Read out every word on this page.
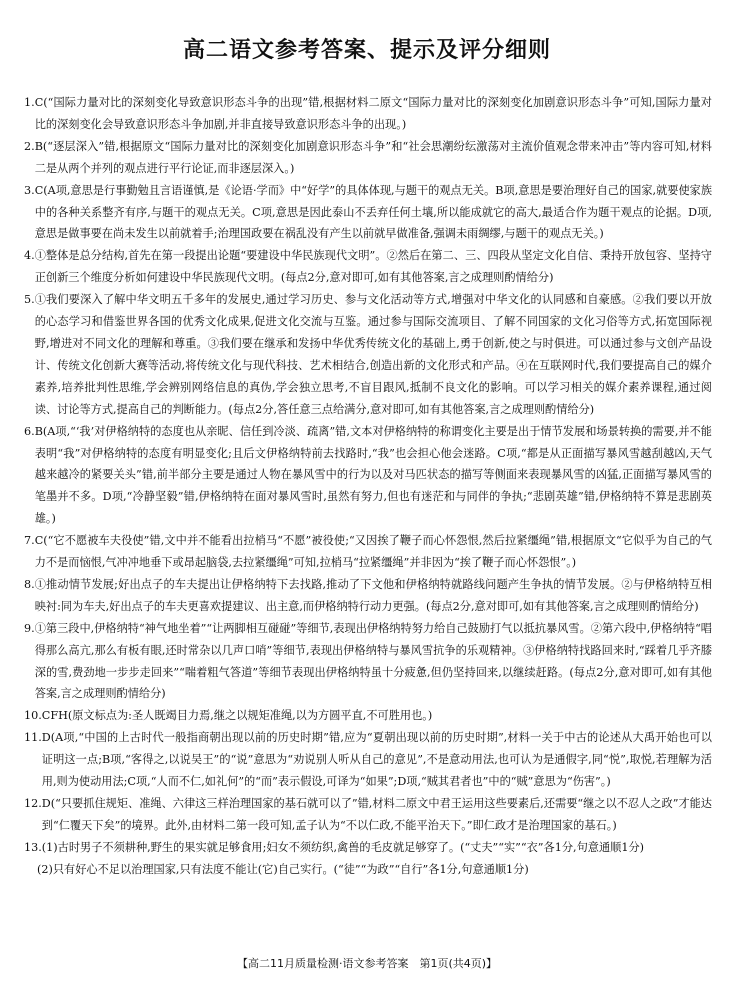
高二语文参考答案、提示及评分细则
1. C(“国际力量对比的深刻变化导致意识形态斗争的出现”错,根据材料二原文“国际力量对比的深刻变化加剧意识形态斗争”可知,国际力量对比的深刻变化会导致意识形态斗争加剧,并非直接导致意识形态斗争的出现。)
2. B(“逐层深入”错,根据原文“国际力量对比的深刻变化加剧意识形态斗争”和“社会思潮纷纭激荡对主流价值观念带来冲击”等内容可知,材料二是从两个并列的观点进行平行论证,而非逐层深入。)
3. C(A项,意思是行事勤勉且言语谨慎,是《论语·学而》中“好学”的具体体现,与题干的观点无关。B项,意思是要治理好自己的国家,就要使家族中的各种关系整齐有序,与题干的观点无关。C项,意思是因此泰山不丢弃任何土壤,所以能成就它的高大,最适合作为题干观点的论据。D项,意思是做事要在尚未发生以前就着手;治理国政要在祸乱没有产生以前就早做准备,强调未雨绸缪,与题干的观点无关。)
4. ①整体是总分结构,首先在第一段提出论题“要建设中华民族现代文明”。②然后在第二、三、四段从坚定文化自信、秉持开放包容、坚持守正创新三个维度分析如何建设中华民族现代文明。(每点2分,意对即可,如有其他答案,言之成理则酌情给分)
5. ①我们要深入了解中华文明五千多年的发展史,通过学习历史、参与文化活动等方式,增强对中华文化的认同感和自豪感。②我们要以开放的心态学习和借鉴世界各国的优秀文化成果,促进文化交流与互鉴。通过参与国际交流项目、了解不同国家的文化习俗等方式,拓宽国际视野,增进对不同文化的理解和尊重。③我们要在继承和发扬中华优秀传统文化的基础上,勇于创新,使之与时俱进。可以通过参与文创产品设计、传统文化创新大赛等活动,将传统文化与现代科技、艺术相结合,创造出新的文化形式和产品。④在互联网时代,我们要提高自己的媒介素养,培养批判性思维,学会辨别网络信息的真伪,学会独立思考,不盲目跟风,抵制不良文化的影响。可以学习相关的媒介素养课程,通过阅读、讨论等方式,提高自己的判断能力。(每点2分,答任意三点给满分,意对即可,如有其他答案,言之成理则酌情给分)
6. B(A项,“‘我’对伊格纳特的态度也从亲昵、信任到冷淡、疏离”错,文本对伊格纳特的称谓变化主要是出于情节发展和场景转换的需要,并不能表明“我”对伊格纳特的态度有明显变化;且后文伊格纳特前去找路时,“我”也会担心他会迷路。C项,“都是从正面描写暴风雪越刮越凶,天气越来越冷的紧要关头”错,前半部分主要是通过人物在暴风雪中的行为以及对马匹状态的描写等侧面来表现暴风雪的凶猛,正面描写暴风雪的笔墨并不多。D项,“冷静坚毅”错,伊格纳特在面对暴风雪时,虽然有努力,但也有迷茫和与同伴的争执;“悲剧英雄”错,伊格纳特不算是悲剧英雄。)
7. C(“它不愿被车夫役使”错,文中并不能看出拉梢马“不愿”被役使;“又因挨了鞭子而心怀怨恨,然后拉紧缰绳”错,根据原文“它似乎为自己的气力不是而恼恨,气冲冲地垂下或昂起脑袋,去拉紧缰绳”可知,拉梢马“拉紧缰绳”并非因为“挨了鞭子而心怀怨恨”。)
8. ①推动情节发展;好出点子的车夫提出让伊格纳特下去找路,推动了下文他和伊格纳特就路线问题产生争执的情节发展。②与伊格纳特互相映衬:同为车夫,好出点子的车夫更喜欢提建议、出主意,而伊格纳特行动力更强。(每点2分,意对即可,如有其他答案,言之成理则酌情给分)
9. ①第三段中,伊格纳特“神气地坐着”“让两脚相互碰碰”等细节,表现出伊格纳特努力给自己鼓励打气以抵抗暴风雪。②第六段中,伊格纳特“唱得那么高亢,那么有板有眼,还时常杂以几声口哨”等细节,表现出伊格纳特与暴风雪抗争的乐观精神。③伊格纳特找路回来时,“踩着几乎齐膝深的雪,费劲地一步步走回来”“喘着粗气答道”等细节表现出伊格纳特虽十分疲惫,但仍坚持回来,以继续赶路。(每点2分,意对即可,如有其他答案,言之成理则酌情给分)
10. CFH(原文标点为:圣人既竭目力焉,继之以规矩准绳,以为方圆平直,不可胜用也。)
11. D(A项,“中国的上古时代一般指商朝出现以前的历史时期”错,应为“夏朝出现以前的历史时期”,材料一关于中古的论述从大禹开始也可以证明这一点;B项,“客得之,以说吴王”的“说”意思为“劝说别人听从自己的意见”,不是意动用法,也可认为是通假字,同“悦”,取悦,若理解为活用,则为使动用法;C项,“人而不仁,如礼何”的“而”表示假设,可译为“如果”;D项,“贼其君者也”中的“贼”意思为“伤害”。)
12. D(“只要抓住规矩、准绳、六律这三样治理国家的基石就可以了”错,材料二原文中君王运用这些要素后,还需要“继之以不忍人之政”才能达到“仁覆天下矣”的境界。此外,由材料二第一段可知,孟子认为“不以仁政,不能平治天下。”即仁政才是治理国家的基石。)
13. (1)古时男子不须耕种,野生的果实就足够食用;妇女不须纺织,禽兽的毛皮就足够穿了。(“丈夫”“实”“衣”各1分,句意通顺1分)
(2)只有好心不足以治理国家,只有法度不能让(它)自己实行。(“徒”“为政”“自行”各1分,句意通顺1分)
【高二11月质量检测·语文参考答案　第1页(共4页)】
